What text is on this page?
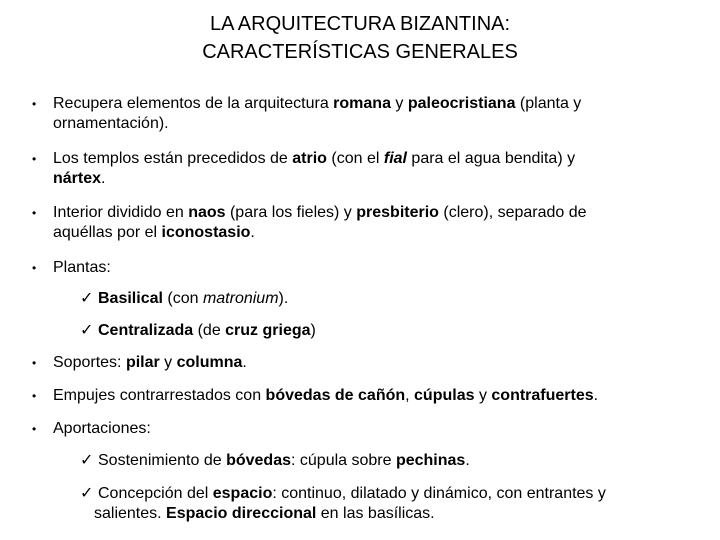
LA ARQUITECTURA BIZANTINA:
CARACTERÍSTICAS GENERALES
• Recupera elementos de la arquitectura romana y paleocristiana (planta y
ornamentación).
• Los templos están precedidos de atrio (con el fial para el agua bendita) y
nártex.
• Interior dividido en naos (para los fieles) y presbiterio (clero), separado de
aquéllas por el iconostasio.
• Plantas:
✓ Basilical (con matronium).
✓ Centralizada (de cruz griega)
• Soportes: pilar y columna.
• Empujes contrarrestados con bóvedas de cañón, cúpulas y contrafuertes.
• Aportaciones:
✓ Sostenimiento de bóvedas: cúpula sobre pechinas.
✓ Concepción del espacio: continuo, dilatado y dinámico, con entrantes y
salientes. Espacio direccional en las basílicas.
